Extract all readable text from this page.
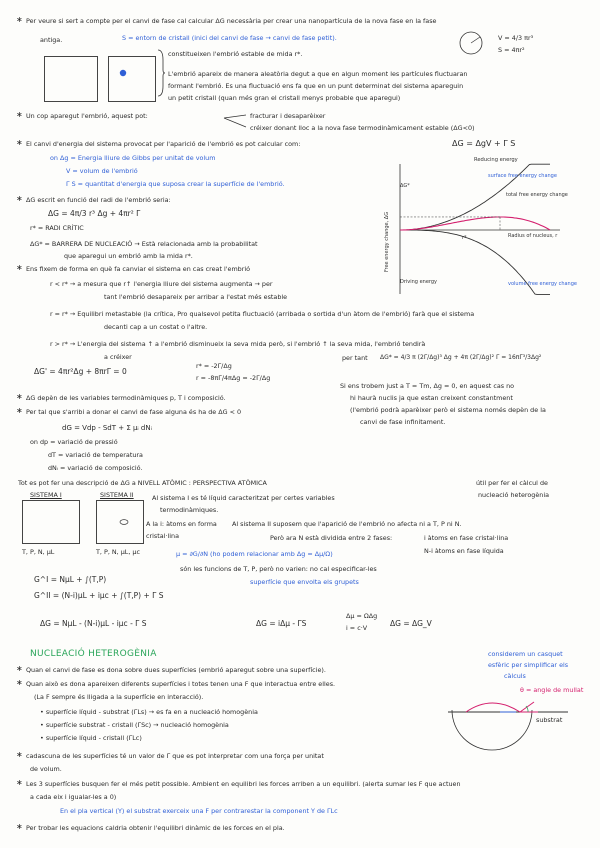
∗ Per veure si sert a compte per el canvi de fase cal calcular ΔG necessària per crear una nanopartícula de la nova fase en la fase
antiga.	S = entorn de cristall (inici del canvi de fase → canvi de fase petit).	V = 4/3 πr³
S = 4πr²
constitueixen l'embrió estable de mida r*.
L'embrió apareix de manera aleatòria degut a que en algun moment les partícules fluctuaran
formant l'embrió. Es una fluctuació ens fa que en un punt determinat del sistema apareguin
un petit cristall (quan més gran el cristall menys probable que aparegui)
∗ Un cop aparegut l'embrió, aquest pot:	fracturar i desaparèixer
créixer donant lloc a la nova fase termodinàmicament estable (ΔG<0)
∗ El canvi d'energia del sistema provocat per l'aparició de l'embrió es pot calcular com:	ΔG = ΔgV + Γ S
on Δg = Energia lliure de Gibbs per unitat de volum
V = volum de l'embrió
Γ S = quantitat d'energia que suposa crear la superfície de l'embrió.
∗ ΔG escrit en funció del radi de l'embrió seria:
ΔG = 4π/3 r³ Δg + 4πr² Γ
r* = RADI CRÍTIC
ΔG* = BARRERA DE NUCLEACIÓ → Està relacionada amb la probabilitat
que aparegui un embrió amb la mida r*.
Reducing energy
surface free energy change
total free energy change
Radius of nucleus, r
Free energy change, ΔG
ΔG*
r*
Driving energy	volume free energy change
∗ Ens fixem de forma en què fa canviar el sistema en cas creat l'embrió
r < r* → a mesura que r↑ l'energia lliure del sistema augmenta → per
tant l'embrió desapareix per arribar a l'estat més estable
r = r* → Equilibri metastable (la crítica, Pro qualsevol petita fluctuació (arribada o sortida d'un àtom de l'embrió) farà que el sistema
decanti cap a un costat o l'altre.
r > r* → L'energia del sistema ↑ a l'embrió disminueix la seva mida però, si l'embrió ↑ la seva mida, l'embrió tendirà
a créixer
ΔG' = 4πr²Δg + 8πrΓ = 0
r* = -2Γ/Δg
r = -8πΓ/4πΔg = -2Γ/Δg
per tant ΔG* = 4/3 π (2Γ/Δg)³ Δg + 4π (2Γ/Δg)² Γ = 16πΓ³/3Δg²
Si ens trobem just a T = Tm, Δg = 0, en aquest cas no
hi haurà nuclis ja que estan creixent constantment
(l'embrió podrà aparèixer però el sistema només depèn de la
canvi de fase infinitament.
∗ ΔG depèn de les variables termodinàmiques p, T i composició.
∗ Per tal que s'arribi a donar el canvi de fase alguna és ha de ΔG < 0
dG = Vdp - SdT + Σ μᵢ dNᵢ
on dp = variació de pressió
dT = variació de temperatura
dNᵢ = variació de composició.
Tot es pot fer una descripció de ΔG a NIVELL ATÒMIC : PERSPECTIVA ATÒMICA	útil per fer el càlcul de
nucleació heterogènia
SISTEMA I	SISTEMA II
T, P, N, μL	T, P, N, μL, μc
Al sistema I es té líquid caracteritzat per certes variables
termodinàmiques.
A la i: àtoms en forma
cristal·lina
Al sistema II suposem que l'aparició de l'embrió no afecta ni a T, P ni N.
Però ara N està dividida entre 2 fases:	i àtoms en fase cristal·lina
N-i àtoms en fase líquida
μ = ∂G/∂N (ho podem relacionar amb Δg = Δμ/Ω)
són les funcions de T, P, però no varien: no cal especificar-les
G^I = NμL + ∫(T,P)
G^II = (N-i)μL + iμc + ∫(T,P) + Γ S
superfície que envolta els grupets
ΔG = NμL - (N-i)μL - iμc - Γ S	ΔG = iΔμ - ΓS
Δμ = ΩΔg
i = c·V	ΔG = ΔG_V
NUCLEACIÓ HETEROGÈNIA
∗ Quan el canvi de fase es dona sobre dues superfícies (embrió aparegut sobre una superfície).
∗ Quan això es dona apareixen diferents superfícies i totes tenen una F que interactua entre elles.
(La F sempre és lligada a la superfície en interacció).
• superfície líquid - substrat (ΓLs) → es fa en a nucleació homogènia
• superfície substrat - cristall (ΓSc) → nucleació homogènia
• superfície líquid - cristall (ΓLc)
∗ cadascuna de les superfícies té un valor de Γ que es pot interpretar com una força per unitat
de volum.
∗ Les 3 superfícies busquen fer el més petit possible. Ambient en equilibri les forces arriben a un equilibri. (alerta sumar les F que actuen
a cada eix i igualar-les a 0)
En el pla vertical (Y) el substrat exerceix una F per contrarestar la component Y de ΓLc
∗ Per trobar les equacions caldria obtenir l'equilibri dinàmic de les forces en el pla.
considerem un casquet
esfèric per simplificar els
càlculs
θ = angle de mullat
substrat
